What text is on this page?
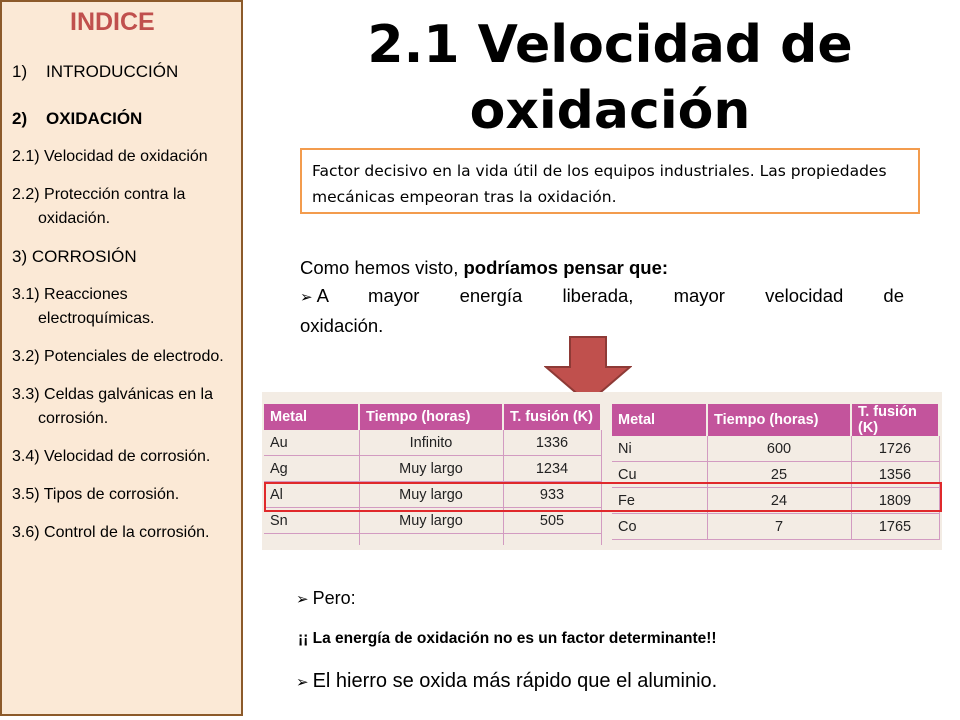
INDICE
1)	INTRODUCCIÓN
2)	OXIDACIÓN
2.1) Velocidad de oxidación
2.2) Protección contra la oxidación.
3) CORROSIÓN
3.1) Reacciones electroquímicas.
3.2) Potenciales de electrodo.
3.3) Celdas galvánicas en la corrosión.
3.4) Velocidad de corrosión.
3.5) Tipos de corrosión.
3.6) Control de la corrosión.
2.1 Velocidad de oxidación
Factor decisivo en la vida útil de los equipos industriales. Las propiedades mecánicas empeoran tras la oxidación.
Como hemos visto, podríamos pensar que:
➢ A mayor energía liberada, mayor velocidad de
oxidación.
Metal	Tiempo (horas)	T. fusión (K)
Au	Infinito	1336
Ag	Muy largo	1234
Al	Muy largo	933
Sn	Muy largo	505

Metal	Tiempo (horas)	T. fusión (K)
Ni	600	1726
Cu	25	1356
Fe	24	1809
Co	7	1765
➢ Pero:
¡¡ La energía de oxidación no es un factor determinante!!
➢ El hierro se oxida más rápido que el aluminio.
